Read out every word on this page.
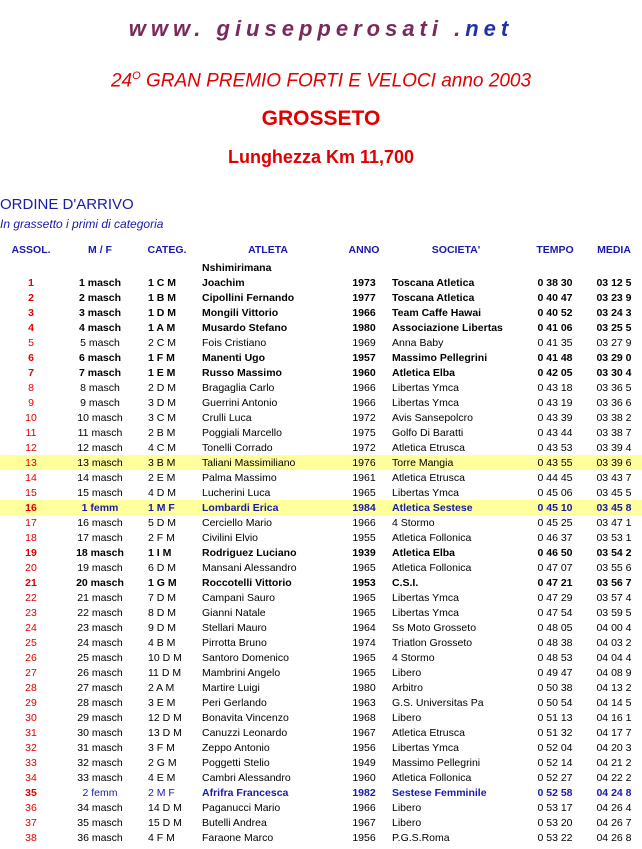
www. giusepperosati .net
$24^O$ GRAN PREMIO FORTI E VELOCI anno 2003
GROSSETO
Lunghezza Km 11,700
ORDINE D'ARRIVO
In grassetto i primi di categoria
ASSOL.	M / F	CATEG.	ATLETA	ANNO	SOCIETA'	TEMPO	MEDIA
			Nshimirimana				
1	1 masch	1 C M	Joachim	1973	Toscana Atletica	0 38 30	03 12 5
2	2 masch	1 B M	Cipollini Fernando	1977	Toscana Atletica	0 40 47	03 23 9
3	3 masch	1 D M	Mongili Vittorio	1966	Team Caffe Hawai	0 40 52	03 24 3
4	4 masch	1 A M	Musardo Stefano	1980	Associazione Libertas	0 41 06	03 25 5
5	5 masch	2 C M	Fois Cristiano	1969	Anna Baby	0 41 35	03 27 9
6	6 masch	1 F M	Manenti Ugo	1957	Massimo Pellegrini	0 41 48	03 29 0
7	7 masch	1 E M	Russo Massimo	1960	Atletica Elba	0 42 05	03 30 4
8	8 masch	2 D M	Bragaglia Carlo	1966	Libertas Ymca	0 43 18	03 36 5
9	9 masch	3 D M	Guerrini Antonio	1966	Libertas Ymca	0 43 19	03 36 6
10	10 masch	3 C M	Crulli Luca	1972	Avis Sansepolcro	0 43 39	03 38 2
11	11 masch	2 B M	Poggiali Marcello	1975	Golfo Di Baratti	0 43 44	03 38 7
12	12 masch	4 C M	Tonelli Corrado	1972	Atletica Etrusca	0 43 53	03 39 4
13	13 masch	3 B M	Taliani Massimiliano	1976	Torre Mangia	0 43 55	03 39 6
14	14 masch	2 E M	Palma Massimo	1961	Atletica Etrusca	0 44 45	03 43 7
15	15 masch	4 D M	Lucherini Luca	1965	Libertas Ymca	0 45 06	03 45 5
16	1 femm	1 M F	Lombardi Erica	1984	Atletica Sestese	0 45 10	03 45 8
17	16 masch	5 D M	Cerciello Mario	1966	4 Stormo	0 45 25	03 47 1
18	17 masch	2 F M	Civilini Elvio	1955	Atletica Follonica	0 46 37	03 53 1
19	18 masch	1 I M	Rodriguez Luciano	1939	Atletica Elba	0 46 50	03 54 2
20	19 masch	6 D M	Mansani Alessandro	1965	Atletica Follonica	0 47 07	03 55 6
21	20 masch	1 G M	Roccotelli Vittorio	1953	C.S.I.	0 47 21	03 56 7
22	21 masch	7 D M	Campani Sauro	1965	Libertas Ymca	0 47 29	03 57 4
23	22 masch	8 D M	Gianni Natale	1965	Libertas Ymca	0 47 54	03 59 5
24	23 masch	9 D M	Stellari Mauro	1964	Ss Moto Grosseto	0 48 05	04 00 4
25	24 masch	4 B M	Pirrotta Bruno	1974	Triatlon Grosseto	0 48 38	04 03 2
26	25 masch	10 D M	Santoro Domenico	1965	4 Stormo	0 48 53	04 04 4
27	26 masch	11 D M	Mambrini Angelo	1965	Libero	0 49 47	04 08 9
28	27 masch	2 A M	Martire Luigi	1980	Arbitro	0 50 38	04 13 2
29	28 masch	3 E M	Peri Gerlando	1963	G.S. Universitas Pa	0 50 54	04 14 5
30	29 masch	12 D M	Bonavita Vincenzo	1968	Libero	0 51 13	04 16 1
31	30 masch	13 D M	Canuzzi Leonardo	1967	Atletica Etrusca	0 51 32	04 17 7
32	31 masch	3 F M	Zeppo Antonio	1956	Libertas Ymca	0 52 04	04 20 3
33	32 masch	2 G M	Poggetti Stelio	1949	Massimo Pellegrini	0 52 14	04 21 2
34	33 masch	4 E M	Cambri Alessandro	1960	Atletica Follonica	0 52 27	04 22 2
35	2 femm	2 M F	Afrifra Francesca	1982	Sestese Femminile	0 52 58	04 24 8
36	34 masch	14 D M	Paganucci Mario	1966	Libero	0 53 17	04 26 4
37	35 masch	15 D M	Butelli Andrea	1967	Libero	0 53 20	04 26 7
38	36 masch	4 F M	Faraone Marco	1956	P.G.S.Roma	0 53 22	04 26 8
